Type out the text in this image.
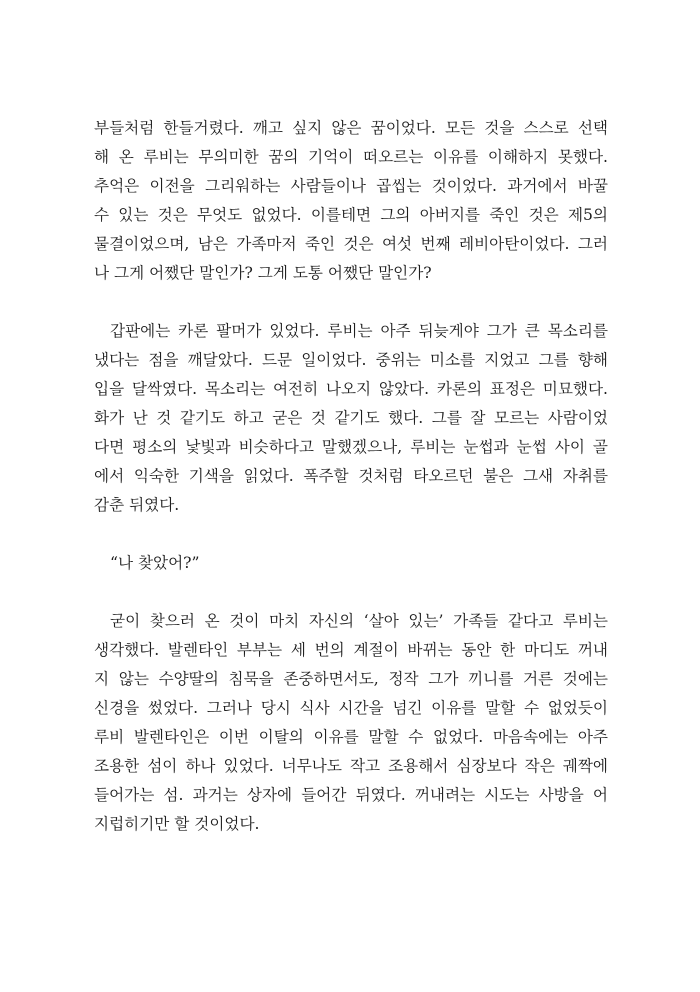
부들처럼 한들거렸다. 깨고 싶지 않은 꿈이었다. 모든 것을 스스로 선택
해 온 루비는 무의미한 꿈의 기억이 떠오르는 이유를 이해하지 못했다.
추억은 이전을 그리워하는 사람들이나 곱씹는 것이었다. 과거에서 바꿀
수 있는 것은 무엇도 없었다. 이를테면 그의 아버지를 죽인 것은 제5의
물결이었으며, 남은 가족마저 죽인 것은 여섯 번째 레비아탄이었다. 그러
나 그게 어쨌단 말인가? 그게 도통 어쨌단 말인가?
갑판에는 카론 팔머가 있었다. 루비는 아주 뒤늦게야 그가 큰 목소리를
냈다는 점을 깨달았다. 드문 일이었다. 중위는 미소를 지었고 그를 향해
입을 달싹였다. 목소리는 여전히 나오지 않았다. 카론의 표정은 미묘했다.
화가 난 것 같기도 하고 굳은 것 같기도 했다. 그를 잘 모르는 사람이었
다면 평소의 낯빛과 비슷하다고 말했겠으나, 루비는 눈썹과 눈썹 사이 골
에서 익숙한 기색을 읽었다. 폭주할 것처럼 타오르던 불은 그새 자취를
감춘 뒤였다.
“나 찾았어?”
굳이 찾으러 온 것이 마치 자신의 ‘살아 있는’ 가족들 같다고 루비는
생각했다. 발렌타인 부부는 세 번의 계절이 바뀌는 동안 한 마디도 꺼내
지 않는 수양딸의 침묵을 존중하면서도, 정작 그가 끼니를 거른 것에는
신경을 썼었다. 그러나 당시 식사 시간을 넘긴 이유를 말할 수 없었듯이
루비 발렌타인은 이번 이탈의 이유를 말할 수 없었다. 마음속에는 아주
조용한 섬이 하나 있었다. 너무나도 작고 조용해서 심장보다 작은 궤짝에
들어가는 섬. 과거는 상자에 들어간 뒤였다. 꺼내려는 시도는 사방을 어
지럽히기만 할 것이었다.
